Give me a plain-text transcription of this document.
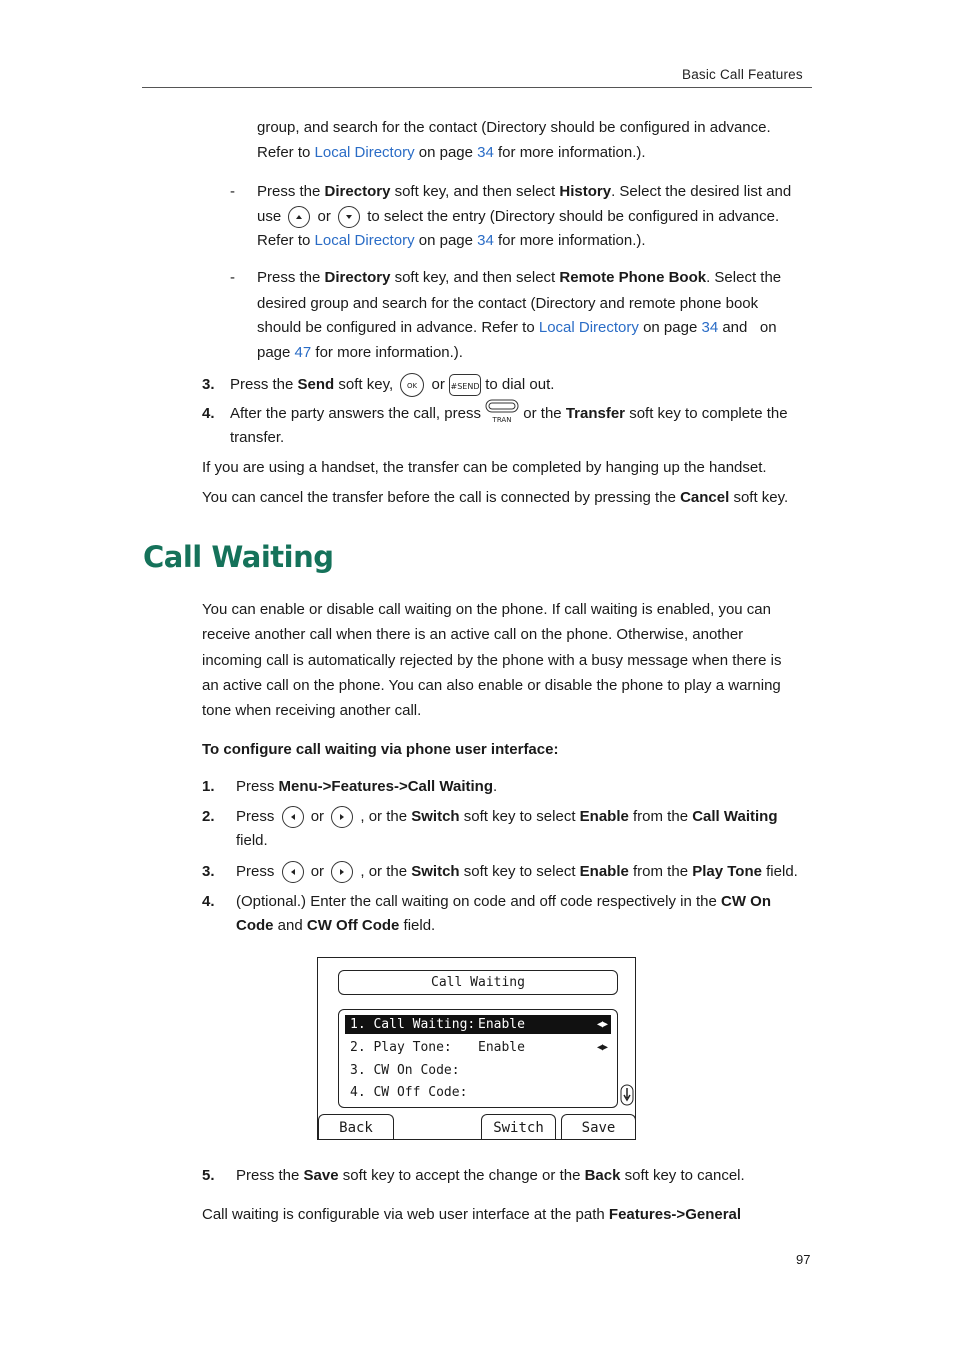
Basic Call Features
group, and search for the contact (Directory should be configured in advance.
Refer to Local Directory on page 34 for more information.).
- Press the Directory soft key, and then select History. Select the desired list and
use or to select the entry (Directory should be configured in advance.
Refer to Local Directory on page 34 for more information.).
- Press the Directory soft key, and then select Remote Phone Book. Select the
desired group and search for the contact (Directory and remote phone book
should be configured in advance. Refer to Local Directory on page 34 and on
page 47 for more information.).
3. Press the Send soft key, OK or #SEND to dial out.
4. After the party answers the call, press TRAN or the Transfer soft key to complete the
transfer.
If you are using a handset, the transfer can be completed by hanging up the handset.
You can cancel the transfer before the call is connected by pressing the Cancel soft key.
Call Waiting
You can enable or disable call waiting on the phone. If call waiting is enabled, you can
receive another call when there is an active call on the phone. Otherwise, another
incoming call is automatically rejected by the phone with a busy message when there is
an active call on the phone. You can also enable or disable the phone to play a warning
tone when receiving another call.
To configure call waiting via phone user interface:
1. Press Menu->Features->Call Waiting.
2. Press or , or the Switch soft key to select Enable from the Call Waiting
field.
3. Press or , or the Switch soft key to select Enable from the Play Tone field.
4. (Optional.) Enter the call waiting on code and off code respectively in the CW On
Code and CW Off Code field.
Call Waiting
1. Call Waiting: Enable	◀▶
2. Play Tone: Enable	◀▶
3. CW On Code:
4. CW Off Code:
Back	Switch	Save
5. Press the Save soft key to accept the change or the Back soft key to cancel.
Call waiting is configurable via web user interface at the path Features->General
97
